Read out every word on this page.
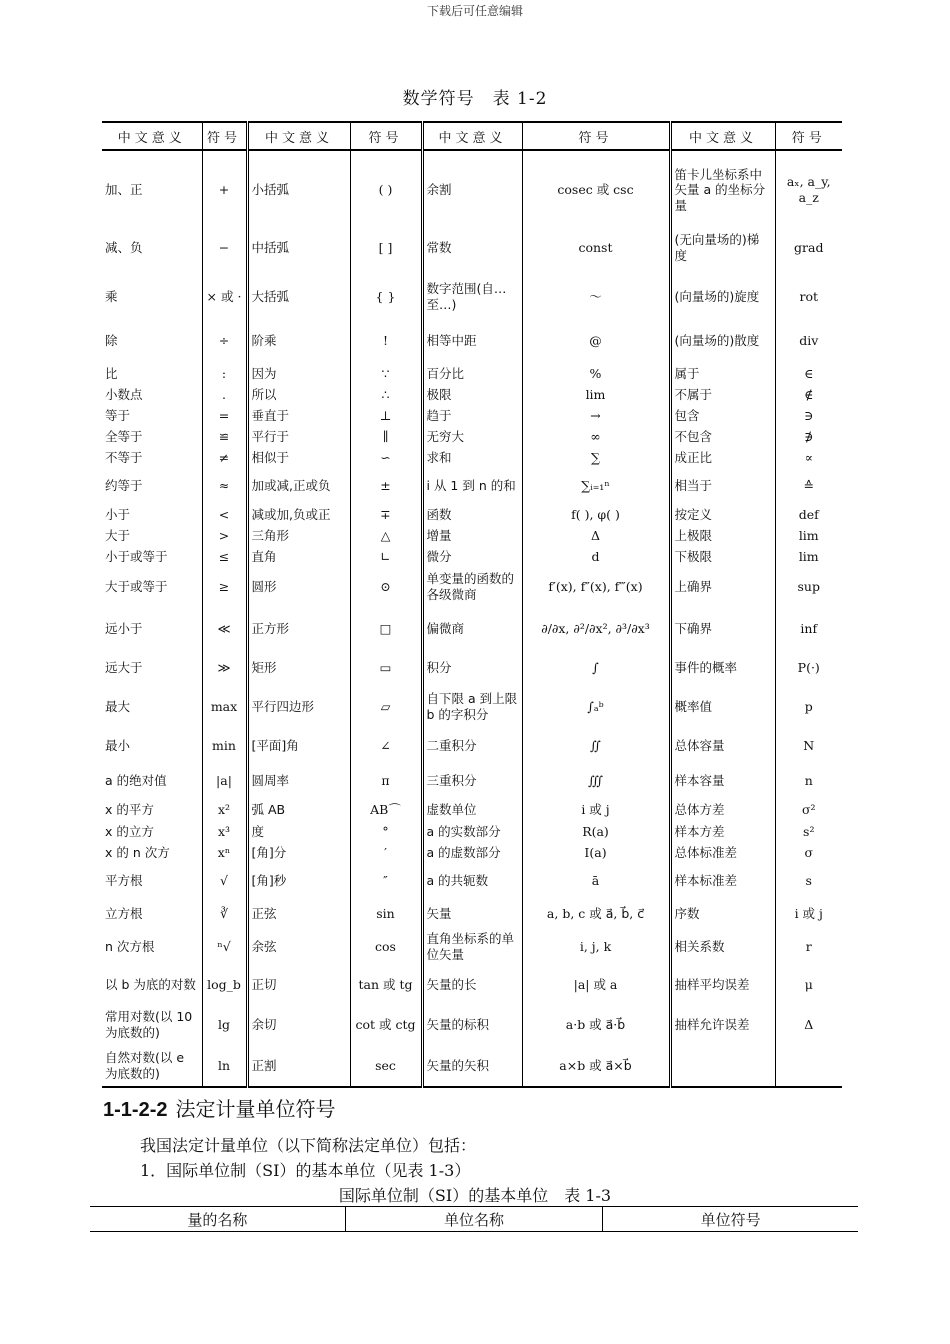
下载后可任意编辑
数学符号　表 1-2
中文意义	符号	中文意义	符号	中文意义	符号	中文意义	符号

加、正	+	小括弧	( )	余割	cosec 或 csc	笛卡儿坐标系中矢量 a 的坐标分量	aₓ, a_y, a_z
减、负	−	中括弧	[ ]	常数	const	(无向量场的)梯度	grad
乘	× 或 ·	大括弧	{ }	数字范围(自…至…)	～	(向量场的)旋度	rot
除	÷	阶乘	!	相等中距	@	(向量场的)散度	div
比	:	因为	∵	百分比	%	属于	∈
小数点	.	所以	∴	极限	lim	不属于	∉
等于	=	垂直于	⊥	趋于	→	包含	∋
全等于	≌	平行于	∥	无穷大	∞	不包含	∌
不等于	≠	相似于	∽	求和	∑	成正比	∝
约等于	≈	加或减,正或负	±	i 从 1 到 n 的和	∑ᵢ₌₁ⁿ	相当于	≙
小于	<	减或加,负或正	∓	函数	f( ), φ( )	按定义	def
大于	>	三角形	△	增量	Δ	上极限	lim
小于或等于	≤	直角	∟	微分	d	下极限	lim
大于或等于	≥	圆形	⊙	单变量的函数的各级微商	f′(x), f″(x), f‴(x)	上确界	sup
远小于	≪	正方形	□	偏微商	∂/∂x, ∂²/∂x², ∂³/∂x³	下确界	inf
远大于	≫	矩形	▭	积分	∫	事件的概率	P(·)
最大	max	平行四边形	▱	自下限 a 到上限 b 的字积分	∫ₐᵇ	概率值	p
最小	min	[平面]角	∠	二重积分	∬	总体容量	N
a 的绝对值	|a|	圆周率	π	三重积分	∭	样本容量	n
x 的平方	x²	弧 AB	AB⌒	虚数单位	i 或 j	总体方差	σ²
x 的立方	x³	度	°	a 的实数部分	R(a)	样本方差	s²
x 的 n 次方	xⁿ	[角]分	′	a 的虚数部分	I(a)	总体标准差	σ
平方根	√	[角]秒	″	a 的共轭数	ā	样本标准差	s
立方根	∛	正弦	sin	矢量	a, b, c 或 a⃗, b⃗, c⃗	序数	i 或 j
n 次方根	ⁿ√	余弦	cos	直角坐标系的单位矢量	i, j, k	相关系数	r
以 b 为底的对数	log_b	正切	tan 或 tg	矢量的长	|a| 或 a	抽样平均误差	μ
常用对数(以 10 为底数的)	lg	余切	cot 或 ctg	矢量的标积	a·b 或 a⃗·b⃗	抽样允许误差	Δ
自然对数(以 e 为底数的)	ln	正割	sec	矢量的矢积	a×b 或 a⃗×b⃗		
1-1-2-2 法定计量单位符号
我国法定计量单位（以下简称法定单位）包括：
1．国际单位制（SI）的基本单位（见表 1-3）
国际单位制（SI）的基本单位　表 1-3
量的名称	单位名称	单位符号
